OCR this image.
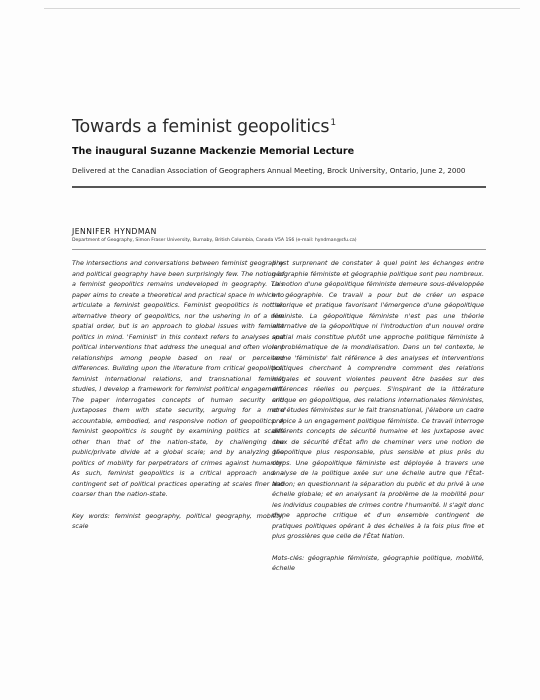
Towards a feminist geopolitics$^1$
The inaugural Suzanne Mackenzie Memorial Lecture
Delivered at the Canadian Association of Geographers Annual Meeting, Brock University, Ontario, June 2, 2000
JENNIFER HYNDMAN
Department of Geography, Simon Fraser University, Burnaby, British Columbia, Canada V5A 1S6 (e-mail: hyndman@sfu.ca)

The intersections and conversations between feminist geography and political geography have been surprisingly few. The notion of a feminist geopolitics remains undeveloped in geography. This paper aims to create a theoretical and practical space in which to articulate a feminist geopolitics. Feminist geopolitics is not an alternative theory of geopolitics, nor the ushering in of a new spatial order, but is an approach to global issues with feminist politics in mind. 'Feminist' in this context refers to analyses and political interventions that address the unequal and often violent relationships among people based on real or perceived differences. Building upon the literature from critical geopolitics, feminist international relations, and transnational feminist studies, I develop a framework for feminist political engagement. The paper interrogates concepts of human security and juxtaposes them with state security, arguing for a more accountable, embodied, and responsive notion of geopolitics. A feminist geopolitics is sought by examining politics at scales other than that of the nation-state, by challenging the public/private divide at a global scale; and by analyzing the politics of mobility for perpetrators of crimes against humanity. As such, feminist geopolitics is a critical approach and a contingent set of political practices operating at scales finer and coarser than the nation-state.

Key words: feminist geography, political geography, mobility, scale

Il est surprenant de constater à quel point les échanges entre géographie féministe et géographie politique sont peu nombreux. La notion d'une géopolitique féministe demeure sous-développée en géographie. Ce travail a pour but de créer un espace théorique et pratique favorisant l'émergence d'une géopolitique féministe. La géopolitique féministe n'est pas une théorie alternative de la géopolitique ni l'introduction d'un nouvel ordre spatial mais constitue plutôt une approche politique féministe à la problématique de la mondialisation. Dans un tel contexte, le terme 'féministe' fait référence à des analyses et interventions politiques cherchant à comprendre comment des relations inégales et souvent violentes peuvent être basées sur des différences réelles ou perçues. S'inspirant de la littérature critique en géopolitique, des relations internationales féministes, et d'études féministes sur le fait transnational, j'élabore un cadre propice à un engagement politique féministe. Ce travail interroge différents concepts de sécurité humaine et les juxtapose avec ceux de sécurité d'État afin de cheminer vers une notion de géopolitique plus responsable, plus sensible et plus près du corps. Une géopolitique féministe est déployée à travers une analyse de la politique axée sur une échelle autre que l'État-Nation; en questionnant la séparation du public et du privé à une échelle globale; et en analysant la problème de la mobilité pour les individus coupables de crimes contre l'humanité. Il s'agit donc d'une approche critique et d'un ensemble contingent de pratiques politiques opérant à des échelles à la fois plus fine et plus grossières que celle de l'État Nation.

Mots-clés: géographie féministe, géographie politique, mobilité, échelle
